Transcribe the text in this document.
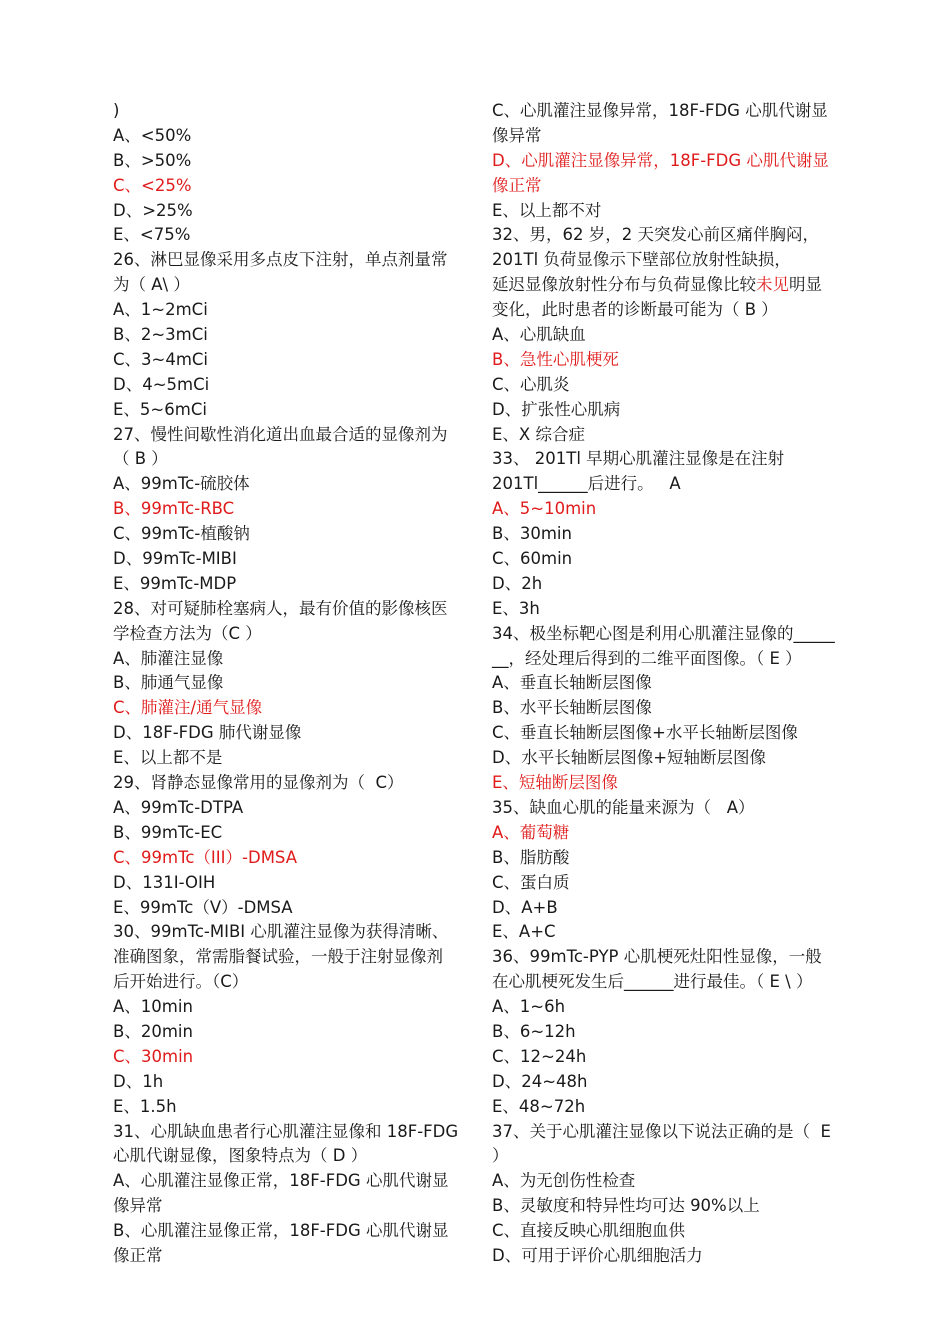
)
A、<50%
B、>50%
C、<25%
D、>25%
E、<75%
26、淋巴显像采用多点皮下注射，单点剂量常
为（ A\ ）
A、1~2mCi
B、2~3mCi
C、3~4mCi
D、4~5mCi
E、5~6mCi
27、慢性间歇性消化道出血最合适的显像剂为
（ B ）
A、99mTc-硫胶体
B、99mTc-RBC
C、99mTc-植酸钠
D、99mTc-MIBI
E、99mTc-MDP
28、对可疑肺栓塞病人，最有价值的影像核医
学检查方法为（C ）
A、肺灌注显像
B、肺通气显像
C、肺灌注/通气显像
D、18F-FDG 肺代谢显像
E、以上都不是
29、肾静态显像常用的显像剂为（  C）
A、99mTc-DTPA
B、99mTc-EC
C、99mTc（III）-DMSA
D、131I-OIH
E、99mTc（V）-DMSA
30、99mTc-MIBI 心肌灌注显像为获得清晰、
准确图象，常需脂餐试验，一般于注射显像剂
后开始进行。（C）
A、10min
B、20min
C、30min
D、1h
E、1.5h
31、心肌缺血患者行心肌灌注显像和 18F-FDG
心肌代谢显像，图象特点为（ D ）
A、心肌灌注显像正常，18F-FDG 心肌代谢显
像异常
B、心肌灌注显像正常，18F-FDG 心肌代谢显
像正常
C、心肌灌注显像异常，18F-FDG 心肌代谢显
像异常
D、心肌灌注显像异常，18F-FDG 心肌代谢显
像正常
E、以上都不对
32、男，62 岁，2 天突发心前区痛伴胸闷，
201Tl 负荷显像示下壁部位放射性缺损，
延迟显像放射性分布与负荷显像比较未见明显
变化，此时患者的诊断最可能为（ B ）
A、心肌缺血
B、急性心肌梗死
C、心肌炎
D、扩张性心肌病
E、X 综合症
33、 201Tl 早期心肌灌注显像是在注射
201Tl______后进行。   A
A、5~10min
B、30min
C、60min
D、2h
E、3h
34、极坐标靶心图是利用心肌灌注显像的_____
__，经处理后得到的二维平面图像。（ E ）
A、垂直长轴断层图像
B、水平长轴断层图像
C、垂直长轴断层图像+水平长轴断层图像
D、水平长轴断层图像+短轴断层图像
E、短轴断层图像
35、缺血心肌的能量来源为（   A）
A、葡萄糖
B、脂肪酸
C、蛋白质
D、A+B
E、A+C
36、99mTc-PYP 心肌梗死灶阳性显像，一般
在心肌梗死发生后______进行最佳。（ E \ ）
A、1~6h
B、6~12h
C、12~24h
D、24~48h
E、48~72h
37、关于心肌灌注显像以下说法正确的是（  E
）
A、为无创伤性检查
B、灵敏度和特异性均可达 90%以上
C、直接反映心肌细胞血供
D、可用于评价心肌细胞活力
